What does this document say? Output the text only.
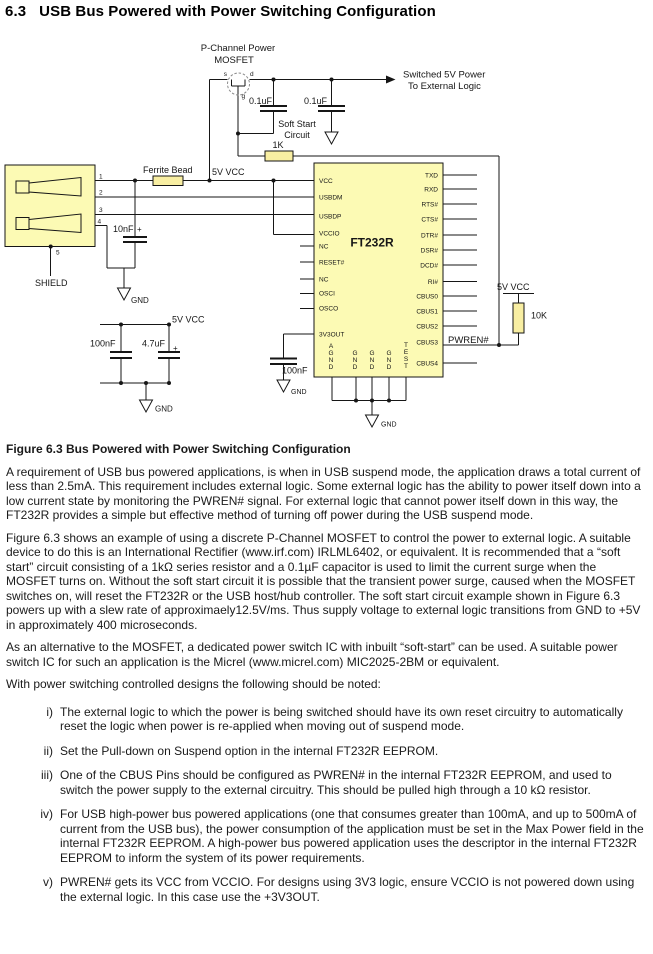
6.3 USB Bus Powered with Power Switching Configuration
P-Channel Power
MOSFET
s	d
g
Switched 5V Power
To External Logic
0.1uF	0.1uF
Soft Start
Circuit
1K
Ferrite Bead 5V VCC
10nF +
SHIELD
GND
5V VCC
100nF	4.7uF +
GND
100nF
GND
GND
PWREN#
5V VCC
10K
1
2
3
4
5
FT232R
VCC
USBDM
USBDP
VCCIO
NC
RESET#
NC
OSCI
OSCO
3V3OUT
TXD
RXD
RTS#
CTS#
DTR#
DSR#
DCD#
RI#
CBUS0
CBUS1
CBUS2
CBUS3
CBUS4
A G N D
G N D
G N D
G N D
T E S T

Figure 6.3 Bus Powered with Power Switching Configuration

A requirement of USB bus powered applications, is when in USB suspend mode, the application draws a total current of less than 2.5mA. This requirement includes external logic. Some external logic has the ability to power itself down into a low current state by monitoring the PWREN# signal. For external logic that cannot power itself down in this way, the FT232R provides a simple but effective method of turning off power during the USB suspend mode.

Figure 6.3 shows an example of using a discrete P-Channel MOSFET to control the power to external logic. A suitable device to do this is an International Rectifier (www.irf.com) IRLML6402, or equivalent. It is recommended that a “soft start” circuit consisting of a 1kΩ series resistor and a 0.1µF capacitor is used to limit the current surge when the MOSFET turns on. Without the soft start circuit it is possible that the transient power surge, caused when the MOSFET switches on, will reset the FT232R or the USB host/hub controller. The soft start circuit example shown in Figure 6.3 powers up with a slew rate of approximaely12.5V/ms. Thus supply voltage to external logic transitions from GND to +5V in approximately 400 microseconds.

As an alternative to the MOSFET, a dedicated power switch IC with inbuilt “soft-start” can be used. A suitable power switch IC for such an application is the Micrel (www.micrel.com) MIC2025-2BM or equivalent.

With power switching controlled designs the following should be noted:

i) The external logic to which the power is being switched should have its own reset circuitry to automatically reset the logic when power is re-applied when moving out of suspend mode.
ii) Set the Pull-down on Suspend option in the internal FT232R EEPROM.
iii) One of the CBUS Pins should be configured as PWREN# in the internal FT232R EEPROM, and used to switch the power supply to the external circuitry. This should be pulled high through a 10 kΩ resistor.
iv) For USB high-power bus powered applications (one that consumes greater than 100mA, and up to 500mA of current from the USB bus), the power consumption of the application must be set in the Max Power field in the internal FT232R EEPROM. A high-power bus powered application uses the descriptor in the internal FT232R EEPROM to inform the system of its power requirements.
v) PWREN# gets its VCC from VCCIO. For designs using 3V3 logic, ensure VCCIO is not powered down using the external logic. In this case use the +3V3OUT.
